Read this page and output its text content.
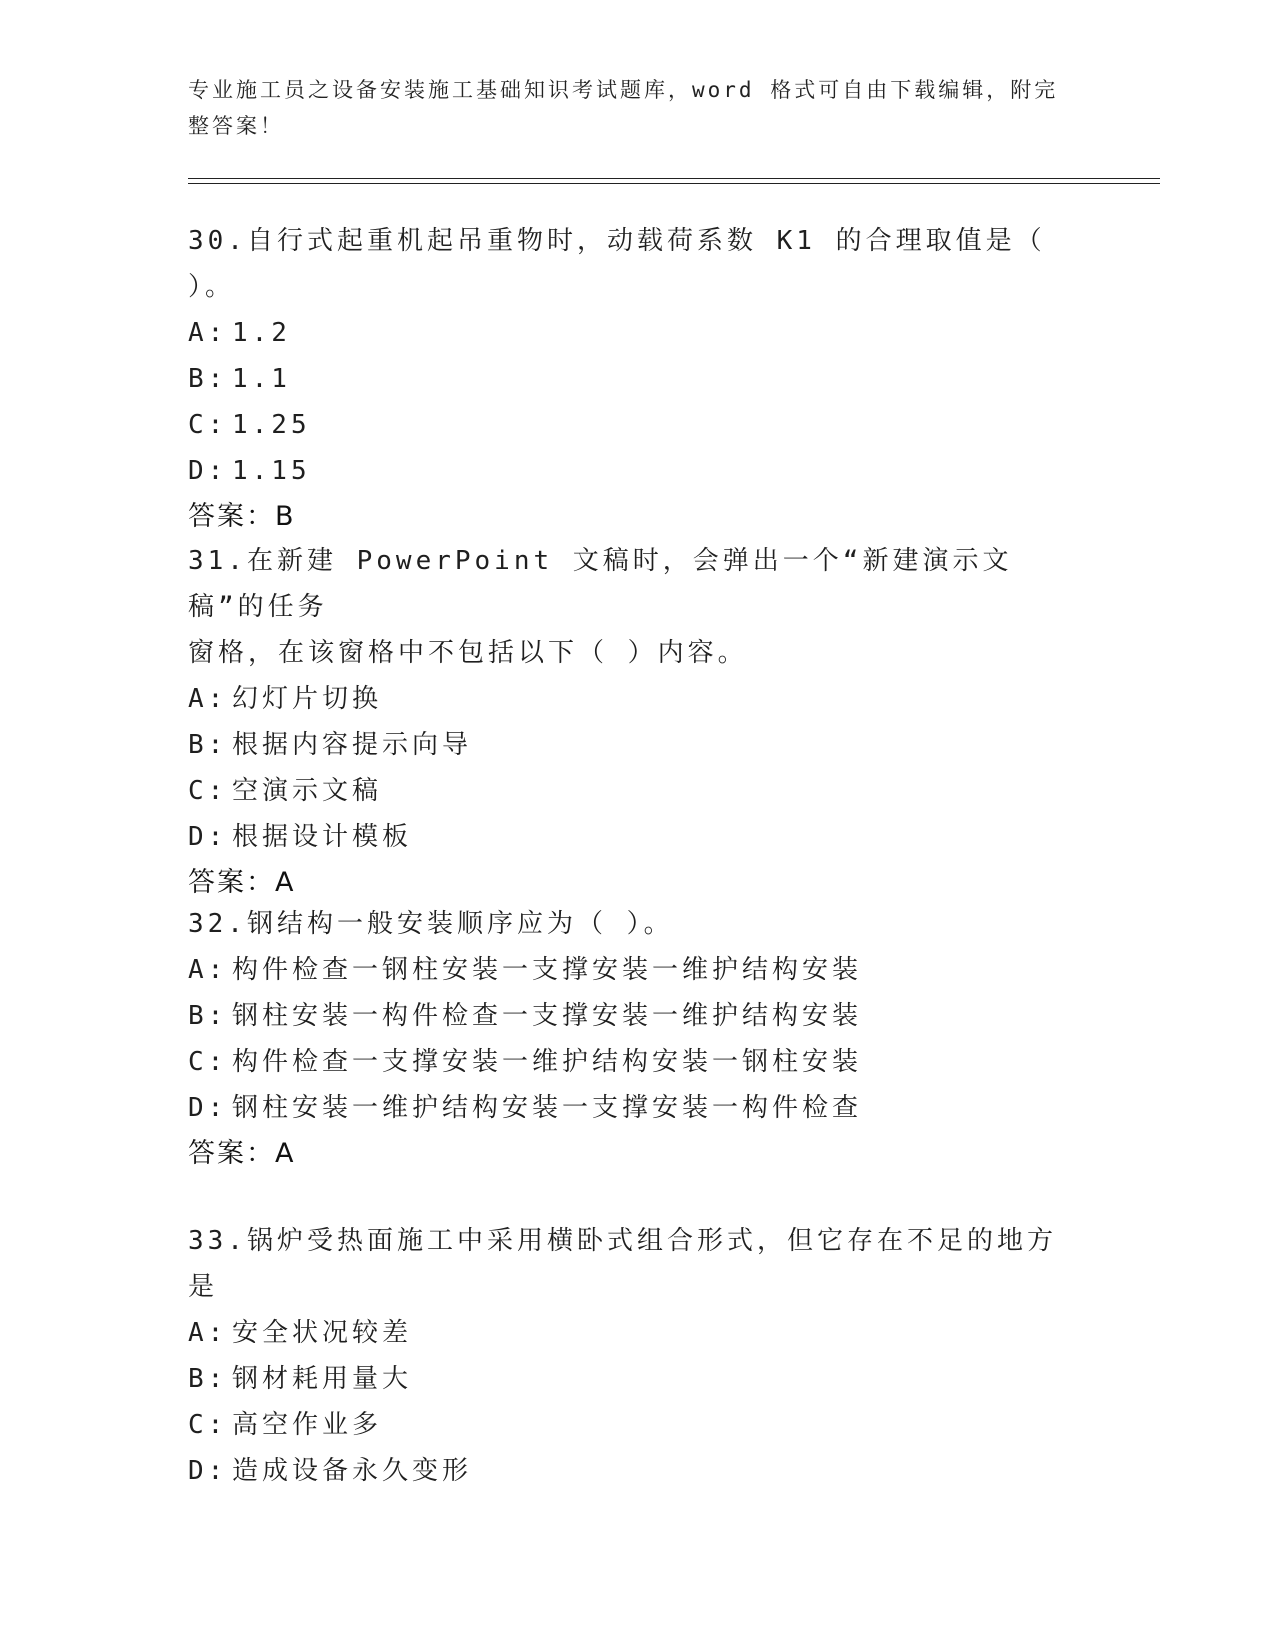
专业施工员之设备安装施工基础知识考试题库，word 格式可自由下载编辑，附完
整答案！
30.自行式起重机起吊重物时，动载荷系数 K1 的合理取值是（ ）。
A: 1.2
B: 1.1
C: 1.25
D: 1.15
答案：B
31.在新建 PowerPoint 文稿时，会弹出一个“新建演示文稿”的任务
窗格，在该窗格中不包括以下（ ）内容。
A: 幻灯片切换
B: 根据内容提示向导
C: 空演示文稿
D: 根据设计模板
答案：A
32.钢结构一般安装顺序应为（ ）。
A: 构件检查一钢柱安装一支撑安装一维护结构安装
B: 钢柱安装一构件检查一支撑安装一维护结构安装
C: 构件检查一支撑安装一维护结构安装一钢柱安装
D: 钢柱安装一维护结构安装一支撑安装一构件检查
答案：A
33.锅炉受热面施工中采用横卧式组合形式，但它存在不足的地方是
A: 安全状况较差
B: 钢材耗用量大
C: 高空作业多
D: 造成设备永久变形
